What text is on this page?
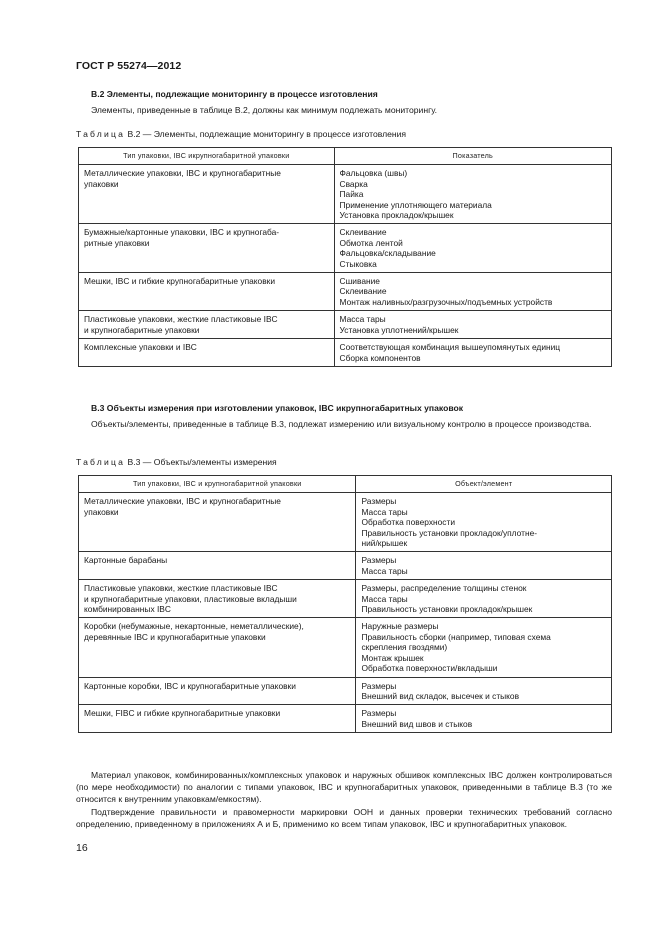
ГОСТ Р 55274—2012
В.2 Элементы, подлежащие мониторингу в процессе изготовления
Элементы, приведенные в таблице В.2, должны как минимум подлежать мониторингу.
Таблица В.2 — Элементы, подлежащие мониторингу в процессе изготовления
Тип упаковки, IBC икрупногабаритной упаковки	Показатель

Металлические упаковки, IBC и крупногабаритные
упаковки	Фальцовка (швы)
Сварка
Пайка
Применение уплотняющего материала
Установка прокладок/крышек

Бумажные/картонные упаковки, IBC и крупногаба-
ритные упаковки	Склеивание
Обмотка лентой
Фальцовка/складывание
Стыковка

Мешки, IBC и гибкие крупногабаритные упаковки	Сшивание
Склеивание
Монтаж наливных/разгрузочных/подъемных устройств

Пластиковые упаковки, жесткие пластиковые IBC
и крупногабаритные упаковки	Масса тары
Установка уплотнений/крышек

Комплексные упаковки и IBC	Соответствующая комбинация вышеупомянутых единиц
Сборка компонентов
В.3 Объекты измерения при изготовлении упаковок, IBC икрупногабаритных упаковок
Объекты/элементы, приведенные в таблице В.3, подлежат измерению или визуальному контролю в процессе производства.
Таблица В.3 — Объекты/элементы измерения
Тип упаковки, IBC и крупногабаритной упаковки	Объект/элемент

Металлические упаковки, IBC и крупногабаритные
упаковки	Размеры
Масса тары
Обработка поверхности
Правильность установки прокладок/уплотне-
ний/крышек

Картонные барабаны	Размеры
Масса тары

Пластиковые упаковки, жесткие пластиковые IBC
и крупногабаритные упаковки, пластиковые вкладыши
комбинированных IBC	Размеры, распределение толщины стенок
Масса тары
Правильность установки прокладок/крышек

Коробки (небумажные, некартонные, неметаллические),
деревянные IBC и крупногабаритные упаковки	Наружные размеры
Правильность сборки (например, типовая схема
скрепления гвоздями)
Монтаж крышек
Обработка поверхности/вкладыши

Картонные коробки, IBC и крупногабаритные упаковки	Размеры
Внешний вид складок, высечек и стыков

Мешки, FIBC и гибкие крупногабаритные упаковки	Размеры
Внешний вид швов и стыков
Материал упаковок, комбинированных/комплексных упаковок и наружных обшивок комплексных IBC должен контролироваться (по мере необходимости) по аналогии с типами упаковок, IBC и крупногабаритных упаковок, приведенными в таблице В.3 (то же относится к внутренним упаковкам/емкостям).
Подтверждение правильности и правомерности маркировки ООН и данных проверки технических требований согласно определению, приведенному в приложениях А и Б, применимо ко всем типам упаковок, IBC и крупногабаритных упаковок.
16
